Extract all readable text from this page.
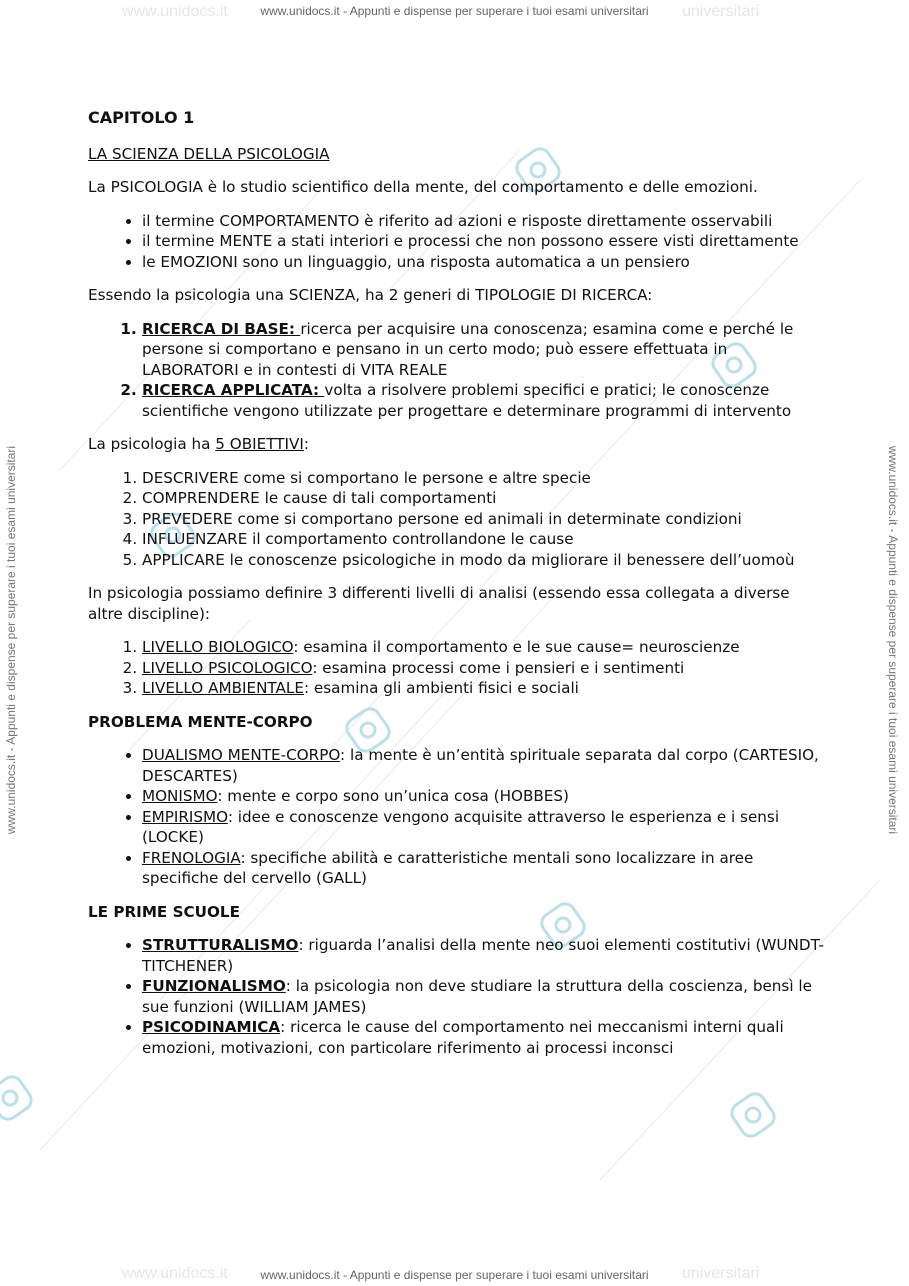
www.unidocs.it	universitari
www.unidocs.it	universitari
www.unidocs.it - Appunti e dispense per superare i tuoi esami universitari
www.unidocs.it - Appunti e dispense per superare i tuoi esami universitari
www.unidocs.it - Appunti e dispense per superare i tuoi esami universitari
www.unidocs.it - Appunti e dispense per superare i tuoi esami universitari
CAPITOLO 1
LA SCIENZA DELLA PSICOLOGIA

La PSICOLOGIA è lo studio scientifico della mente, del comportamento e delle emozioni.

• il termine COMPORTAMENTO è riferito ad azioni e risposte direttamente osservabili
• il termine MENTE a stati interiori e processi che non possono essere visti direttamente
• le EMOZIONI sono un linguaggio, una risposta automatica a un pensiero

Essendo la psicologia una SCIENZA, ha 2 generi di TIPOLOGIE DI RICERCA:

1. RICERCA DI BASE: ricerca per acquisire una conoscenza; esamina come e perché le persone si comportano e pensano in un certo modo; può essere effettuata in LABORATORI e in contesti di VITA REALE
2. RICERCA APPLICATA: volta a risolvere problemi specifici e pratici; le conoscenze scientifiche vengono utilizzate per progettare e determinare programmi di intervento

La psicologia ha 5 OBIETTIVI:

1. DESCRIVERE come si comportano le persone e altre specie
2. COMPRENDERE le cause di tali comportamenti
3. PREVEDERE come si comportano persone ed animali in determinate condizioni
4. INFLUENZARE il comportamento controllandone le cause
5. APPLICARE le conoscenze psicologiche in modo da migliorare il benessere dell’uomoù

In psicologia possiamo definire 3 differenti livelli di analisi (essendo essa collegata a diverse altre discipline):

1. LIVELLO BIOLOGICO: esamina il comportamento e le sue cause= neuroscienze
2. LIVELLO PSICOLOGICO: esamina processi come i pensieri e i sentimenti
3. LIVELLO AMBIENTALE: esamina gli ambienti fisici e sociali
PROBLEMA MENTE-CORPO
• DUALISMO MENTE-CORPO: la mente è un’entità spirituale separata dal corpo (CARTESIO, DESCARTES)
• MONISMO: mente e corpo sono un’unica cosa (HOBBES)
• EMPIRISMO: idee e conoscenze vengono acquisite attraverso le esperienza e i sensi (LOCKE)
• FRENOLOGIA: specifiche abilità e caratteristiche mentali sono localizzare in aree specifiche del cervello (GALL)
LE PRIME SCUOLE
• STRUTTURALISMO: riguarda l’analisi della mente neo suoi elementi costitutivi (WUNDT- TITCHENER)
• FUNZIONALISMO: la psicologia non deve studiare la struttura della coscienza, bensì le sue funzioni (WILLIAM JAMES)
• PSICODINAMICA: ricerca le cause del comportamento nei meccanismi interni quali emozioni, motivazioni, con particolare riferimento ai processi inconsci
